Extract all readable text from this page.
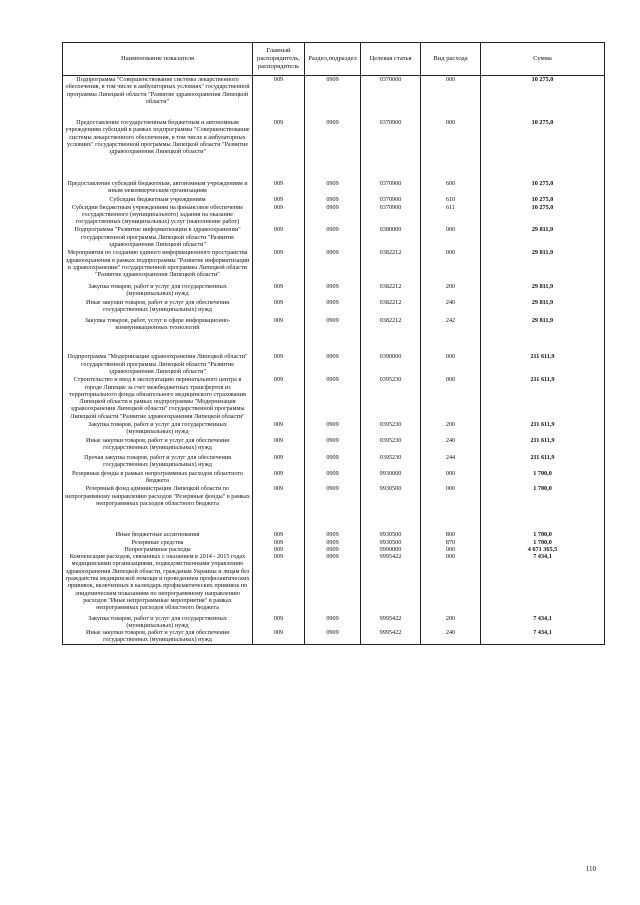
Наименование показателя	Главный распорядитель, распорядитель	Раздел,подраздел	Целевая статья	Вид расхода	Сумма
Подпрограмма "Совершенствование системы лекарственного обеспечения, в том числе в амбулаторных условиях" государственной программы Липецкой области "Развитие здравоохранения Липецкой области"	009	0909	0370000	000	10 275,0
Предоставление государственным бюджетным и автономным учреждениям субсидий в рамках подпрограммы "Совершенствование системы лекарственного обеспечения, в том числе в амбулаторных условиях" государственной программы Липецкой области "Развитие здравоохранения Липецкой области"	009	0909	0370900	000	10 275,0
Предоставление субсидий бюджетным, автономным учреждениям и иным некоммерческим организациям	009	0909	0370900	600	10 275,0
Субсидии бюджетным учреждениям	009	0909	0370900	610	10 275,0
Субсидии бюджетным учреждениям на финансовое обеспечение государственного (муниципального) задания на оказание государственных (муниципальных) услуг (выполнение работ)	009	0909	0370900	611	10 275,0
Подпрограмма "Развитие информатизации в здравоохранении" государственной программы Липецкой области "Развитие здравоохранения Липецкой области"	009	0909	0380000	000	29 811,9
Мероприятия по созданию единого информационного пространства здравоохранения в рамках подпрограммы "Развитие информатизации в здравоохранении" государственной программы Липецкой области "Развитие здравоохранения Липецкой области"	009	0909	0382212	000	29 811,9
Закупка товаров, работ и услуг для государственных (муниципальных) нужд	009	0909	0382212	200	29 811,9
Иные закупки товаров, работ и услуг для обеспечения государственных (муниципальных) нужд	009	0909	0382212	240	29 811,9
Закупка товаров, работ, услуг в сфере информационно-коммуникационных технологий	009	0909	0382212	242	29 811,9
Подпрограмма "Модернизация здравоохранения Липецкой области" государственной программы Липецкой области "Развитие здравоохранения Липецкой области"	009	0909	0390000	000	211 611,9
Строительство и ввод в эксплуатацию перинатального центра в городе Липецке за счет межбюджетных трансфертов из территориального фонда обязательного медицинского страхования Липецкой области в рамках подпрограммы "Модернизация здравоохранения Липецкой области" государственной программы Липецкой области "Развитие здравоохранения Липецкой области"	009	0909	0395230	000	211 611,9
Закупка товаров, работ и услуг для государственных (муниципальных) нужд	009	0909	0395230	200	211 611,9
Иные закупки товаров, работ и услуг для обеспечения государственных (муниципальных) нужд	009	0909	0395230	240	211 611,9
Прочая закупка товаров, работ и услуг для обеспечения государственных (муниципальных) нужд	009	0909	0395230	244	211 611,9
Резервные фонды в рамках непрограммных расходов областного бюджета	009	0909	9930000	000	1 700,0
Резервный фонд администрации Липецкой области по непрограммному направлению расходов "Резервные фонды" в рамках непрограммных расходов областного бюджета	009	0909	9930500	000	1 700,0
Иные бюджетные ассигнования	009	0909	9930500	800	1 700,0
Резервные средства	009	0909	9930500	870	1 700,0
Непрограммные расходы	009	0909	9990000	000	4 671 365,5
Компенсация расходов, связанных с оказанием в 2014 - 2015 годах медицинскими организациями, подведомственными управлению здравоохранения Липецкой области, гражданам Украины и лицам без гражданства медицинской помощи и проведением профилактических прививок, включенных в календарь профилактических прививок по эпидемическим показаниям по непрограммному направлению расходов "Иные непрограммные мероприятия" в рамках непрограммных расходов областного бюджета	009	0909	9995422	000	7 434,1
Закупка товаров, работ и услуг для государственных (муниципальных) нужд	009	0909	9995422	200	7 434,1
Иные закупки товаров, работ и услуг для обеспечения государственных (муниципальных) нужд	009	0909	9995422	240	7 434,1
110
